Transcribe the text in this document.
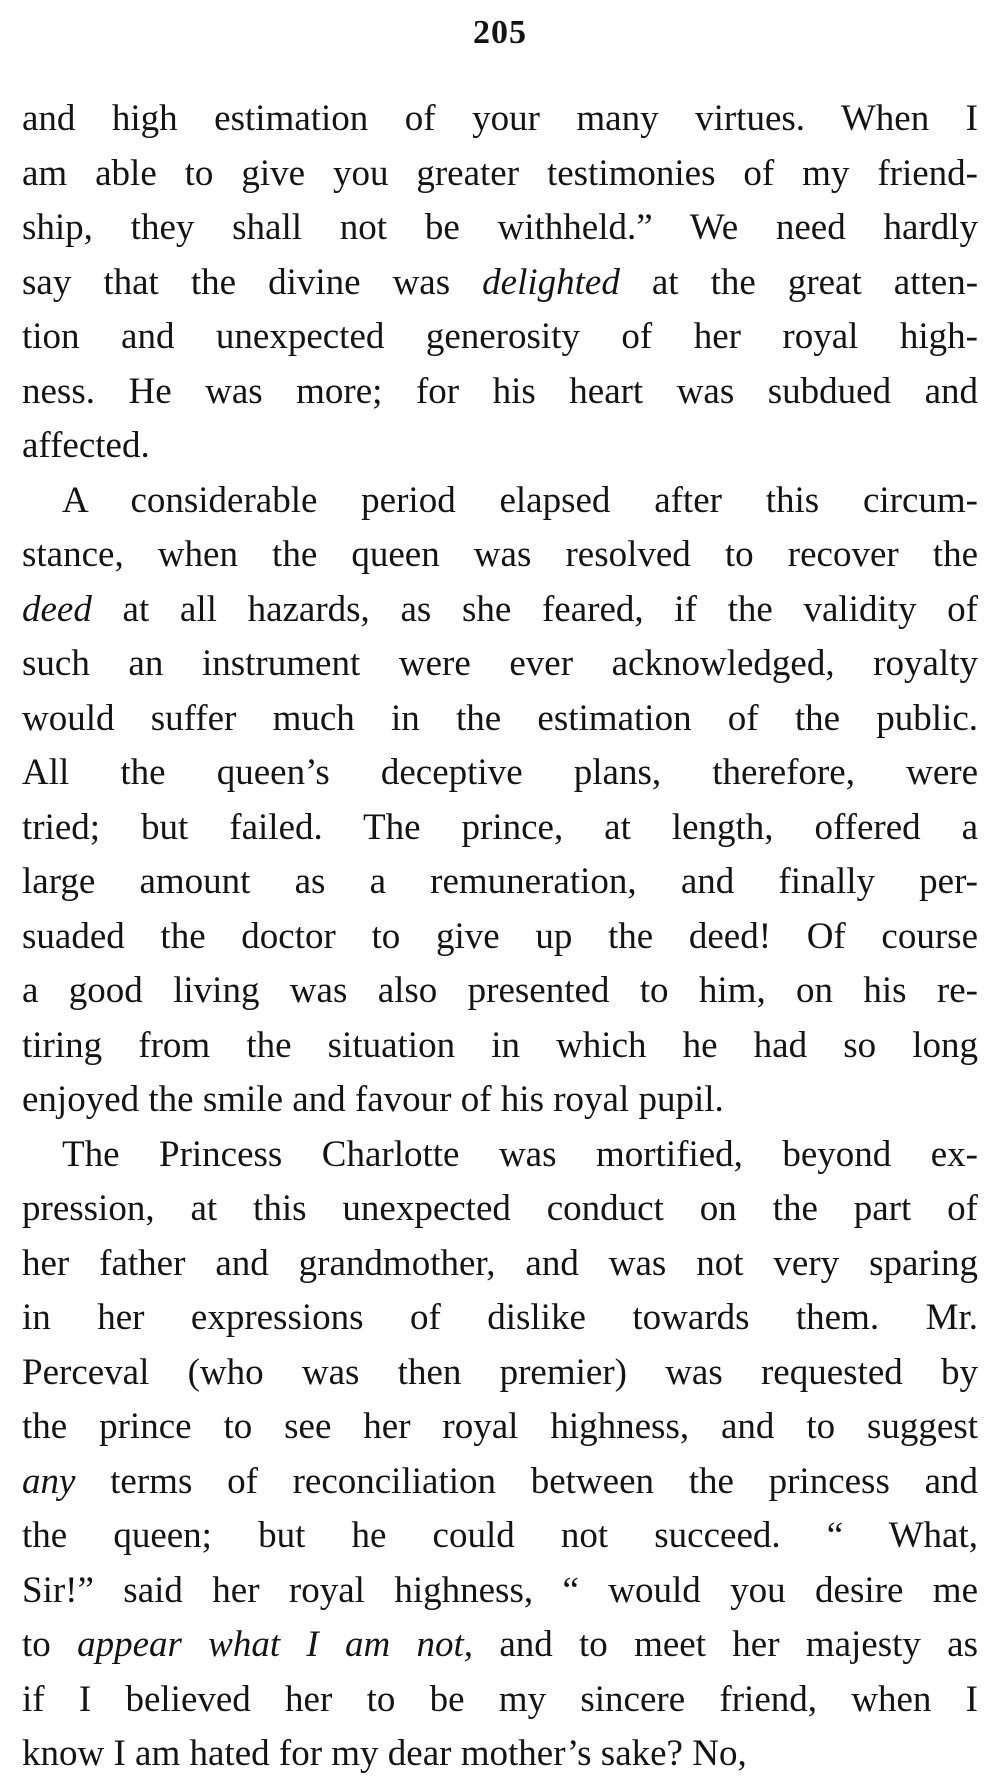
205
and high estimation of your many virtues. When I
am able to give you greater testimonies of my friend-
ship, they shall not be withheld.” We need hardly
say that the divine was delighted at the great atten-
tion and unexpected generosity of her royal high-
ness. He was more; for his heart was subdued and
affected.
A considerable period elapsed after this circum-
stance, when the queen was resolved to recover the
deed at all hazards, as she feared, if the validity of
such an instrument were ever acknowledged, royalty
would suffer much in the estimation of the public.
All the queen’s deceptive plans, therefore, were
tried; but failed. The prince, at length, offered a
large amount as a remuneration, and finally per-
suaded the doctor to give up the deed! Of course
a good living was also presented to him, on his re-
tiring from the situation in which he had so long
enjoyed the smile and favour of his royal pupil.
The Princess Charlotte was mortified, beyond ex-
pression, at this unexpected conduct on the part of
her father and grandmother, and was not very sparing
in her expressions of dislike towards them. Mr.
Perceval (who was then premier) was requested by
the prince to see her royal highness, and to suggest
any terms of reconciliation between the princess and
the queen; but he could not succeed. “ What,
Sir!” said her royal highness, “ would you desire me
to appear what I am not, and to meet her majesty as
if I believed her to be my sincere friend, when I
know I am hated for my dear mother’s sake? No,
